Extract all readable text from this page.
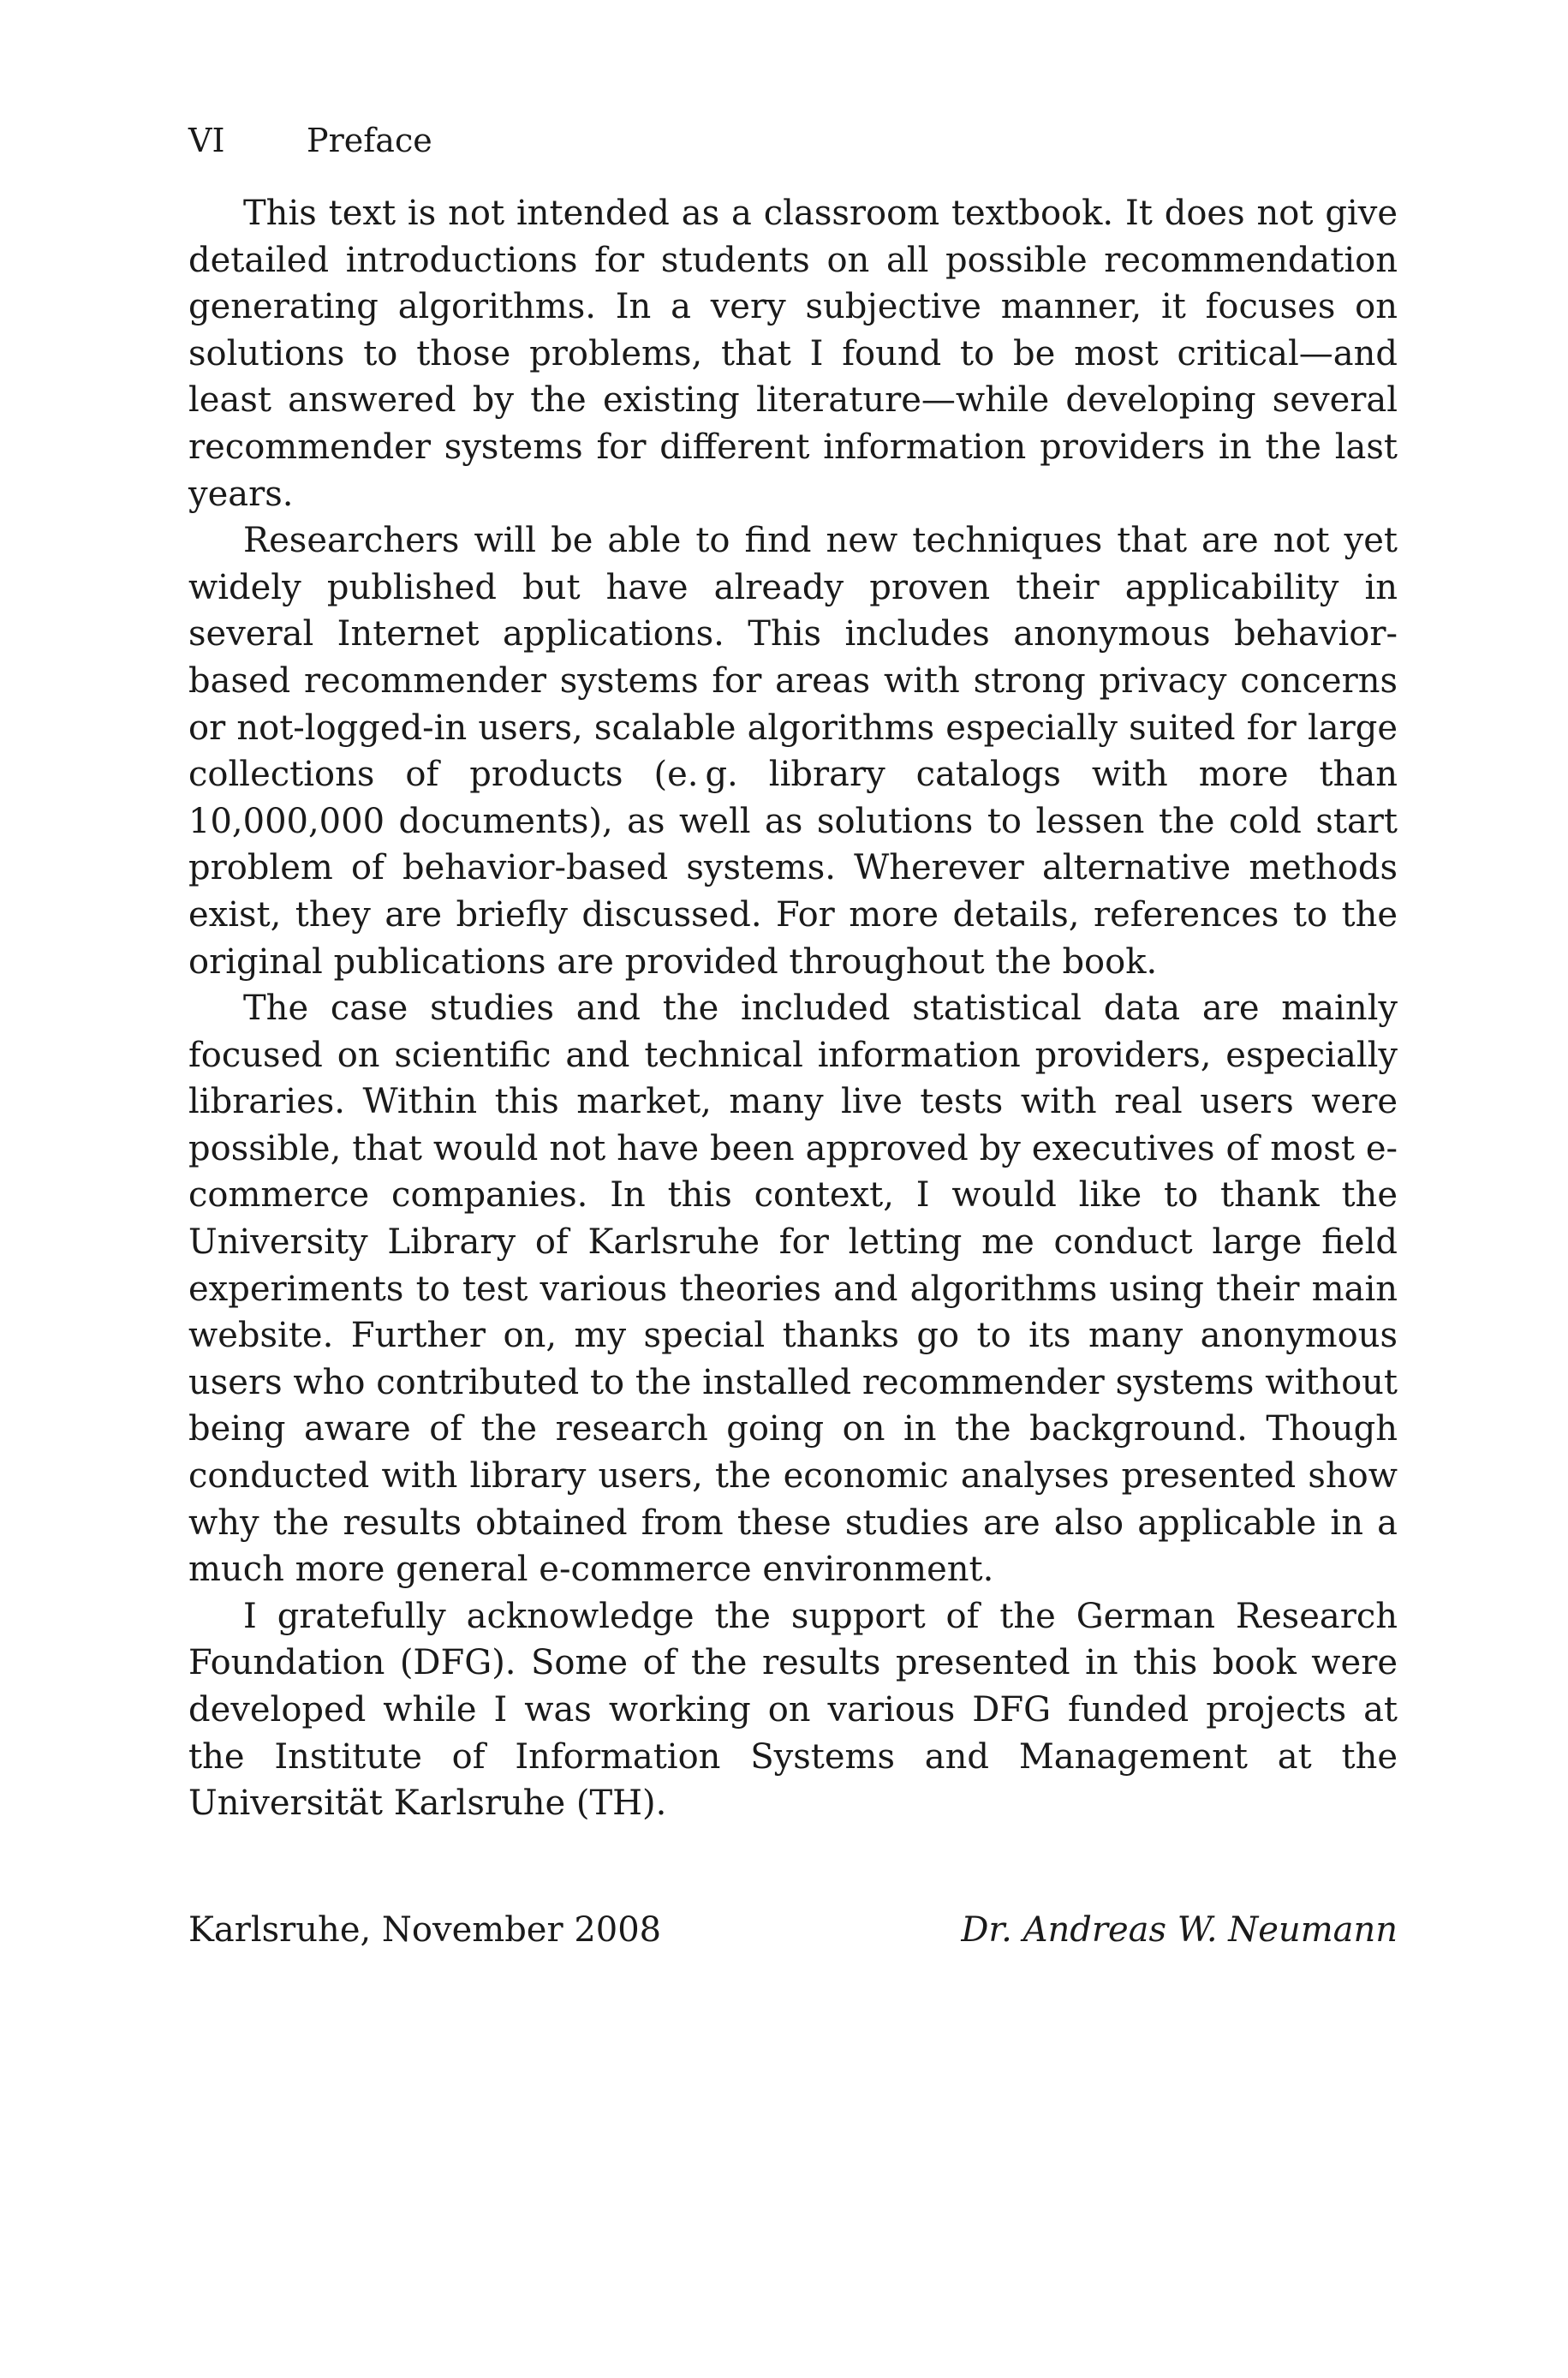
VI	Preface

This text is not intended as a classroom textbook. It does not give detailed introductions for students on all possible recommendation generating algorithms. In a very subjective manner, it focuses on solutions to those problems, that I found to be most critical—and least answered by the existing literature—while developing several recommender systems for different information providers in the last years.

Researchers will be able to find new techniques that are not yet widely published but have already proven their applicability in several Internet applications. This includes anonymous behavior-based recommender systems for areas with strong privacy concerns or not-logged-in users, scalable algorithms especially suited for large collections of products (e. g. library catalogs with more than 10,000,000 documents), as well as solutions to lessen the cold start problem of behavior-based systems. Wherever alternative methods exist, they are briefly discussed. For more details, references to the original publications are provided throughout the book.

The case studies and the included statistical data are mainly focused on scientific and technical information providers, especially libraries. Within this market, many live tests with real users were possible, that would not have been approved by executives of most e-commerce companies. In this context, I would like to thank the University Library of Karlsruhe for letting me conduct large field experiments to test various theories and algorithms using their main website. Further on, my special thanks go to its many anonymous users who contributed to the installed recommender systems without being aware of the research going on in the background. Though conducted with library users, the economic analyses presented show why the results obtained from these studies are also applicable in a much more general e-commerce environment.

I gratefully acknowledge the support of the German Research Foundation (DFG). Some of the results presented in this book were developed while I was working on various DFG funded projects at the Institute of Information Systems and Management at the Universität Karlsruhe (TH).

Karlsruhe, November 2008	Dr. Andreas W. Neumann
